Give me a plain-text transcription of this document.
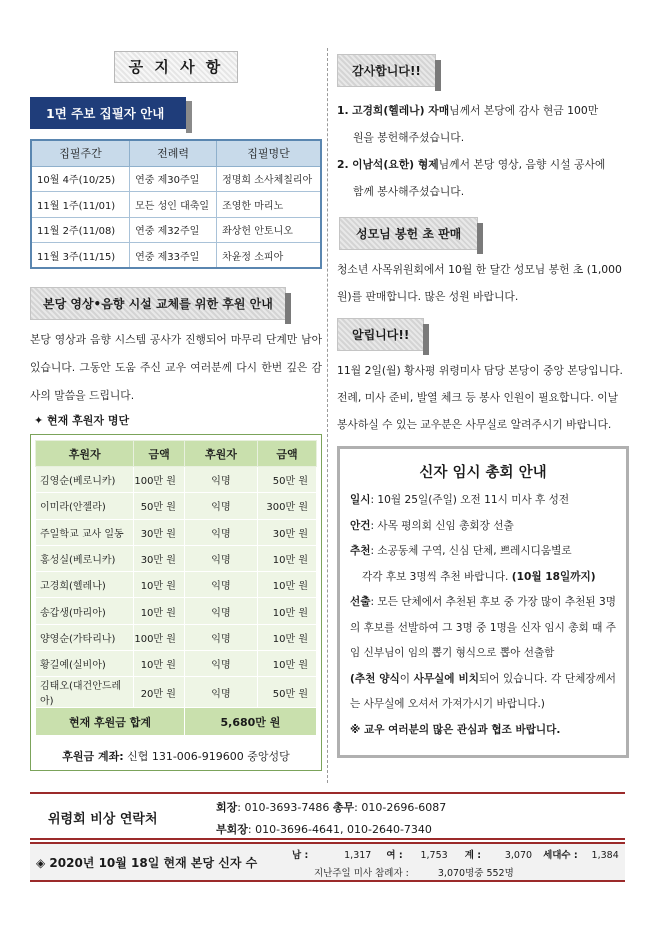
공 지 사 항
1면 주보 집필자 안내
집필주간	전례력	집필명단
10월 4주(10/25)	연중 제30주일	정명희 소사체칠리아
11월 1주(11/01)	모든 성인 대축일	조영한 마리노
11월 2주(11/08)	연중 제32주일	좌상헌 안토니오
11월 3주(11/15)	연중 제33주일	차윤정 소피아
본당 영상•음향 시설 교체를 위한 후원 안내

본당 영상과 음향 시스템 공사가 진행되어 마무리 단계만 남아 있습니다. 그동안 도움 주신 교우 여러분께 다시 한번 깊은 감사의 말씀을 드립니다.

✦ 현재 후원자 명단
후원자	금액	후원자	금액
김영순(베로니카)	100만 원	익명	50만 원
이미라(안젤라)	50만 원	익명	300만 원
주일학교 교사 일동	30만 원	익명	30만 원
홍성실(베로니카)	30만 원	익명	10만 원
고경희(헬레나)	10만 원	익명	10만 원
송갑생(마리아)	10만 원	익명	10만 원
양영순(가타리나)	100만 원	익명	10만 원
황길예(실비아)	10만 원	익명	10만 원
김태오(대건안드레아)	20만 원	익명	50만 원
현재 후원금 합계		5,680만 원	
후원금 계좌: 신협 131-006-919600 중앙성당
감사합니다!!
1. 고경희(헬레나) 자매님께서 본당에 감사 현금 100만
원을 봉헌해주셨습니다.
2. 이남석(요한) 형제님께서 본당 영상, 음향 시설 공사에
함께 봉사해주셨습니다.
성모님 봉헌 초 판매

청소년 사목위원회에서 10월 한 달간 성모님 봉헌 초 (1,000원)를 판매합니다. 많은 성원 바랍니다.

알립니다!!

11월 2일(월) 황사평 위령미사 담당 본당이 중앙 본당입니다. 전례, 미사 준비, 발열 체크 등 봉사 인원이 필요합니다. 이날 봉사하실 수 있는 교우분은 사무실로 알려주시기 바랍니다.

신자 임시 총회 안내

일시: 10월 25일(주일) 오전 11시 미사 후 성전

안건: 사목 평의회 신임 총회장 선출

추천: 소공동체 구역, 신심 단체, 쁘레시디움별로

각각 후보 3명씩 추천 바랍니다. (10월 18일까지)

선출: 모든 단체에서 추천된 후보 중 가장 많이 추천된 3명의 후보를 선발하여 그 3명 중 1명을 신자 임시 총회 때 주임 신부님이 임의 뽑기 형식으로 뽑아 선출함

(추천 양식이 사무실에 비치되어 있습니다. 각 단체장께서는 사무실에 오셔서 가져가시기 바랍니다.)

※ 교우 여러분의 많은 관심과 협조 바랍니다.

위령회 비상 연락처
회장: 010-3693-7486 총무: 010-2696-6087
부회장: 010-3696-4641, 010-2640-7340
◈ 2020년 10월 18일 현재 본당 신자 수
남 :	1,317 여 : 1,753 계 :	3,070 세대수 : 1,384
지난주일 미사 참례자 :	3,070명중 552명
